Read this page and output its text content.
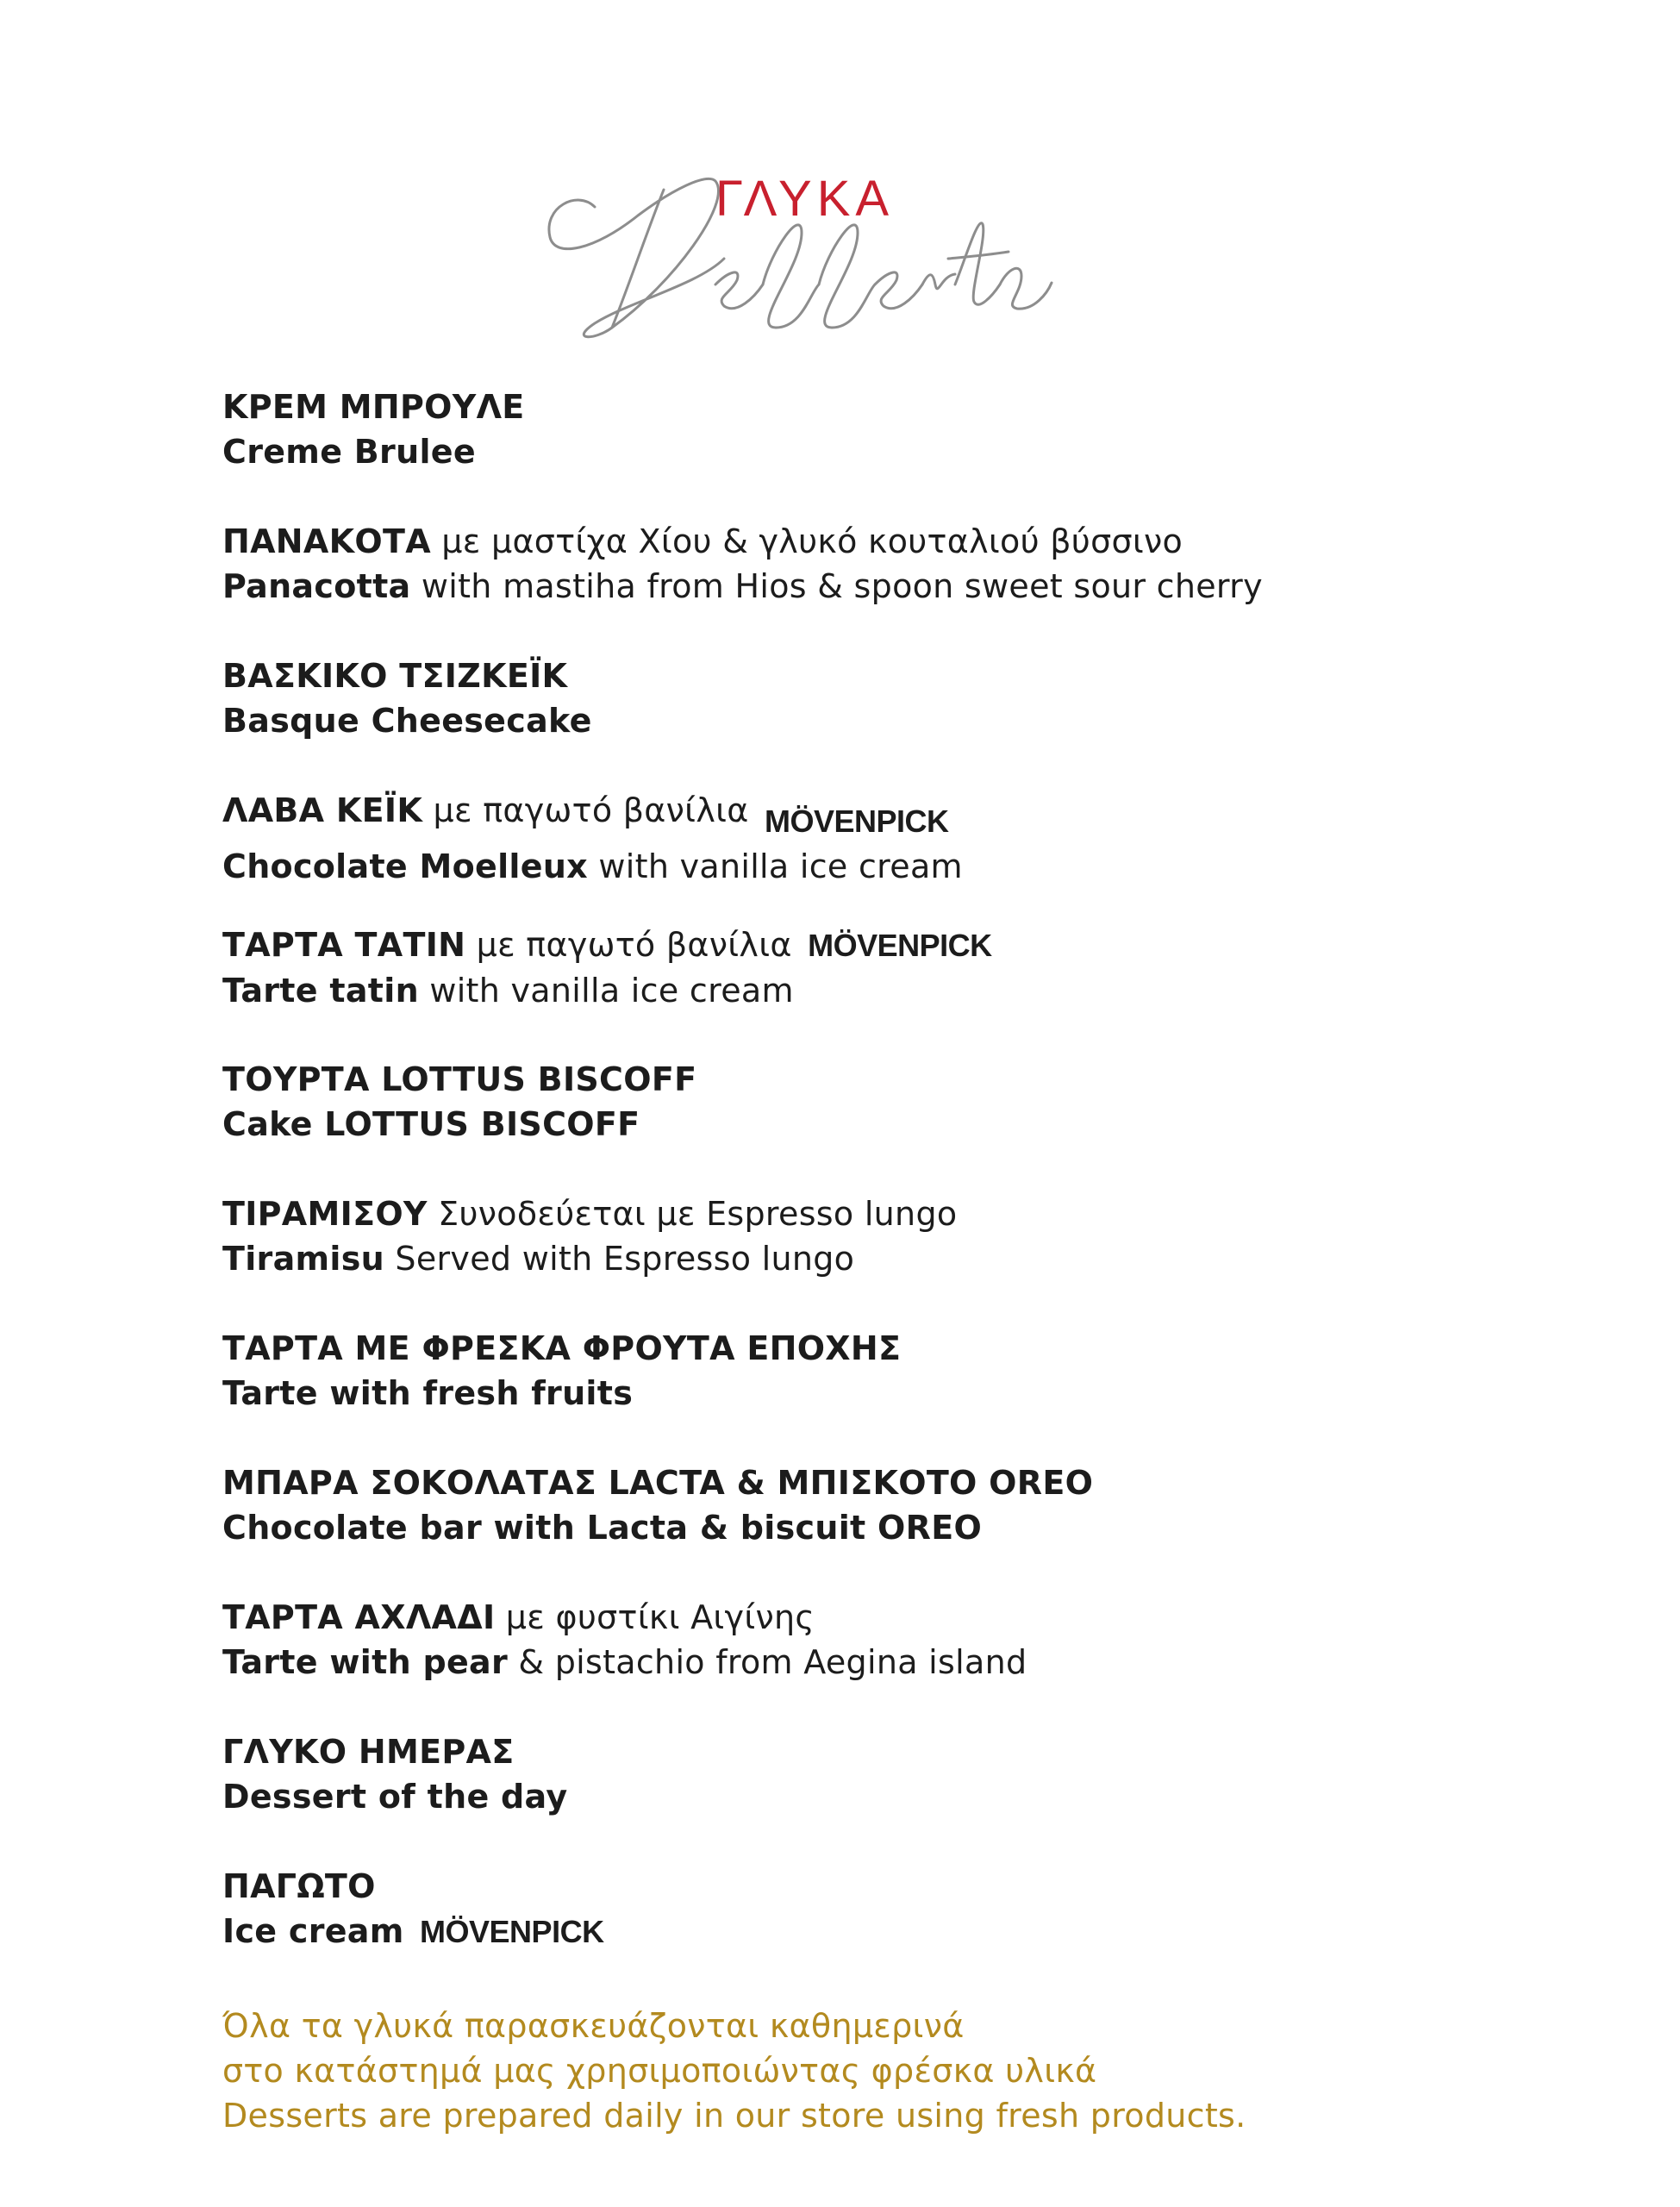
ΓΛΥΚΑ
ΚΡΕΜ ΜΠΡΟΥΛΕ
Creme Brulee
ΠΑΝΑΚΟΤΑ με μαστίχα Χίου & γλυκό κουταλιού βύσσινο
Panacotta with mastiha from Hios & spoon sweet sour cherry
ΒΑΣΚΙΚΟ ΤΣΙΖΚΕΪΚ
Basque Cheesecake
ΛΑΒΑ ΚΕΪΚ με παγωτό βανίλια MÖVENPICK
Chocolate Moelleux with vanilla ice cream
ΤΑΡΤΑ ΤΑΤΙΝ με παγωτό βανίλια MÖVENPICK
Tarte tatin with vanilla ice cream
ΤΟΥΡΤΑ LOTTUS BISCOFF
Cake LOTTUS BISCOFF
ΤΙΡΑΜΙΣΟΥ Συνοδεύεται με Espresso lungo
Tiramisu Served with Espresso lungo
ΤΑΡΤΑ ΜΕ ΦΡΕΣΚΑ ΦΡΟΥΤΑ ΕΠΟΧΗΣ
Tarte with fresh fruits
ΜΠΑΡΑ ΣΟΚΟΛΑΤΑΣ LACTA & ΜΠΙΣΚΟΤΟ OREO
Chocolate bar with Lacta & biscuit OREO
ΤΑΡΤΑ ΑΧΛΑΔΙ με φυστίκι Αιγίνης
Tarte with pear & pistachio from Aegina island
ΓΛΥΚΟ ΗΜΕΡΑΣ
Dessert of the day
ΠΑΓΩΤΟ
Ice cream MÖVENPICK
Όλα τα γλυκά παρασκευάζονται καθημερινά
στο κατάστημά μας χρησιμοποιώντας φρέσκα υλικά
Desserts are prepared daily in our store using fresh products.
